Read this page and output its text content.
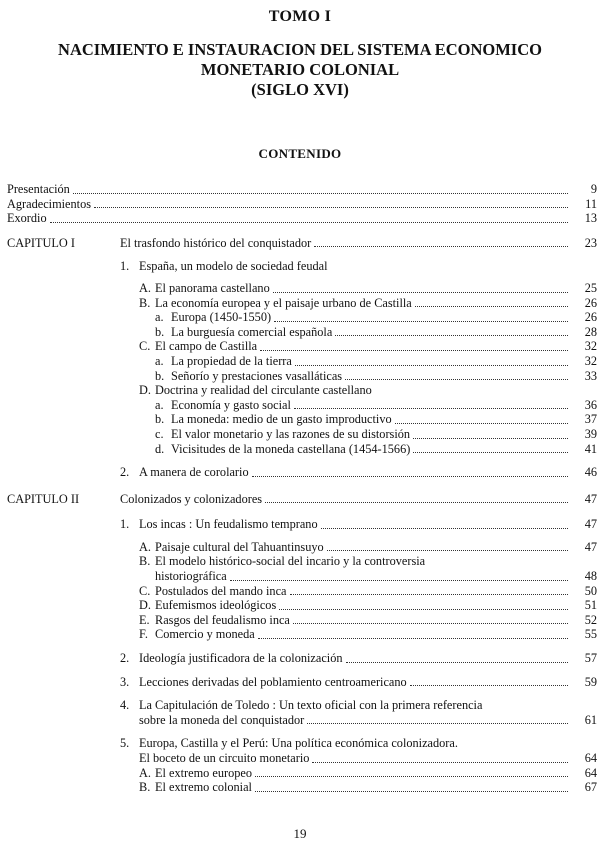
TOMO I
NACIMIENTO E INSTAURACION DEL SISTEMA ECONOMICO
MONETARIO COLONIAL
(SIGLO XVI)
CONTENIDO
Presentación	9
Agradecimientos	11
Exordio	13
CAPITULO I	El trasfondo histórico del conquistador	23
1. España, un modelo de sociedad feudal
A. El panorama castellano	25
B. La economía europea y el paisaje urbano de Castilla	26
a. Europa (1450-1550)	26
b. La burguesía comercial española	28
C. El campo de Castilla	32
a. La propiedad de la tierra	32
b. Señorío y prestaciones vasalláticas	33
D. Doctrina y realidad del circulante castellano
a. Economía y gasto social	36
b. La moneda: medio de un gasto improductivo	37
c. El valor monetario y las razones de su distorsión	39
d. Vicisitudes de la moneda castellana (1454-1566)	41
2. A manera de corolario	46
CAPITULO II	Colonizados y colonizadores	47
1. Los incas : Un feudalismo temprano	47
A. Paisaje cultural del Tahuantinsuyo	47
B. El modelo histórico-social del incario y la controversia
historiográfica	48
C. Postulados del mando inca	50
D. Eufemismos ideológicos	51
E. Rasgos del feudalismo inca	52
F. Comercio y moneda	55
2. Ideología justificadora de la colonización	57
3. Lecciones derivadas del poblamiento centroamericano	59
4. La Capitulación de Toledo : Un texto oficial con la primera referencia
sobre la moneda del conquistador	61
5. Europa, Castilla y el Perú: Una política económica colonizadora.
El boceto de un circuito monetario	64
A. El extremo europeo	64
B. El extremo colonial	67
19
